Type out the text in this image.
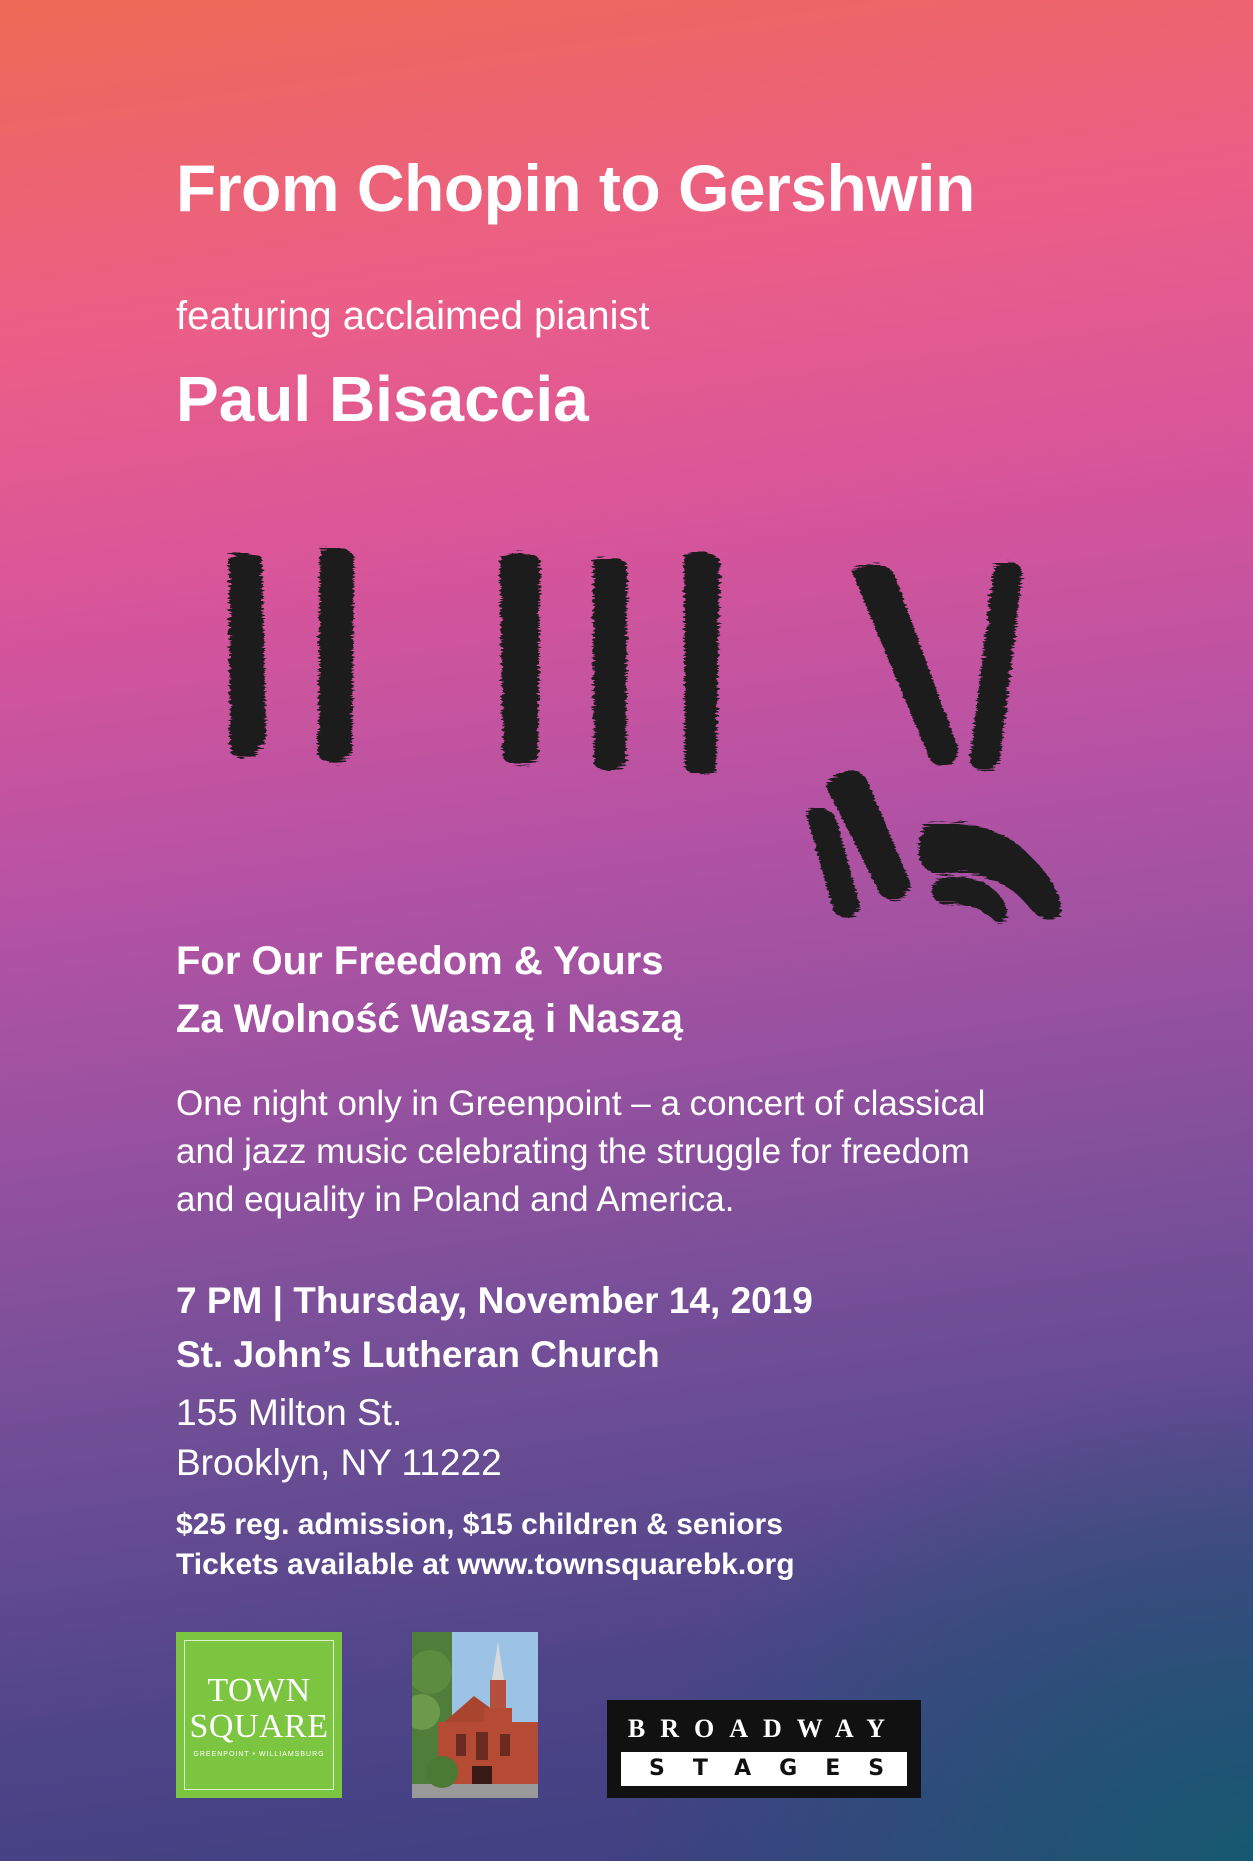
From Chopin to Gershwin

featuring acclaimed pianist

Paul Bisaccia

For Our Freedom & Yours
Za Wolność Waszą i Naszą
One night only in Greenpoint – a concert of classical
and jazz music celebrating the struggle for freedom
and equality in Poland and America.

7 PM | Thursday, November 14, 2019

St. John’s Lutheran Church

155 Milton St.
Brooklyn, NY 11222
$25 reg. admission, $15 children & seniors
Tickets available at www.townsquarebk.org
TOWN
SQUARE
GREENPOINT • WILLIAMSBURG
BROADWAY
STAGES
